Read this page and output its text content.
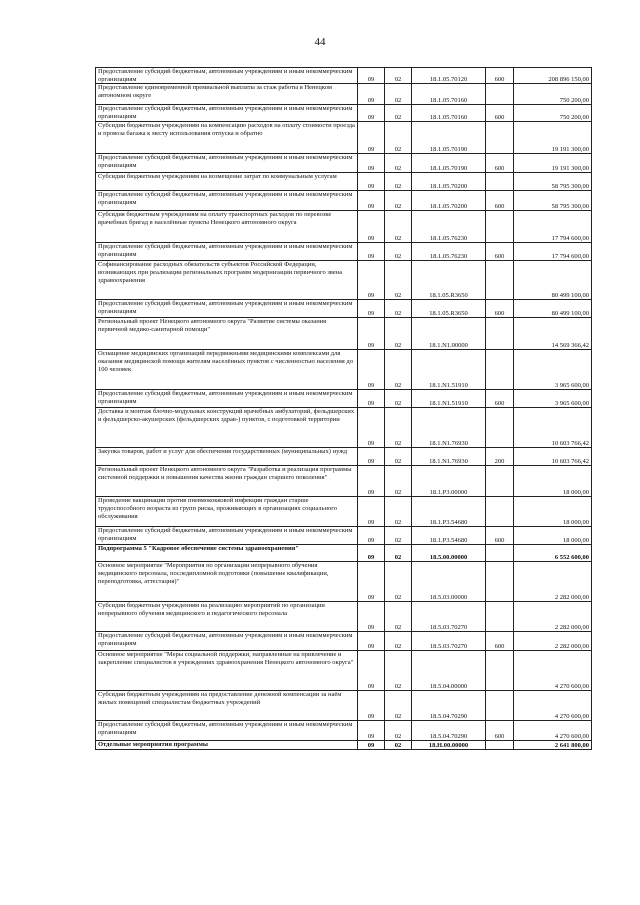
44
Предоставление субсидий бюджетным, автономным учреждениям и иным некоммерческим организациям	09	02	18.1.05.70120	600	208 896 150,00
Предоставление единовременной премиальной выплаты за стаж работы в Ненецком автономном округе	09	02	18.1.05.70160		750 200,00
Предоставление субсидий бюджетным, автономным учреждениям и иным некоммерческим организациям	09	02	18.1.05.70160	600	750 200,00
Субсидии бюджетным учреждениям на компенсацию расходов на оплату стоимости проезда и провоза багажа к месту использования отпуска и обратно	09	02	18.1.05.70190		19 191 300,00
Предоставление субсидий бюджетным, автономным учреждениям и иным некоммерческим организациям	09	02	18.1.05.70190	600	19 191 300,00
Субсидии бюджетным учреждениям на возмещение затрат по коммунальным услугам	09	02	18.1.05.70200		58 795 300,00
Предоставление субсидий бюджетным, автономным учреждениям и иным некоммерческим организациям	09	02	18.1.05.70200	600	58 795 300,00
Субсидия бюджетным учреждениям на оплату транспортных расходов по перевозке врачебных бригад в населённые пункты Ненецкого автономного округа	09	02	18.1.05.76230		17 794 600,00
Предоставление субсидий бюджетным, автономным учреждениям и иным некоммерческим организациям	09	02	18.1.05.76230	600	17 794 600,00
Софинансирование расходных обязательств субъектов Российской Федерации, возникающих при реализации региональных программ модернизации первичного звена здравоохранения	09	02	18.1.05.R3650		80 499 100,00
Предоставление субсидий бюджетным, автономным учреждениям и иным некоммерческим организациям	09	02	18.1.05.R3650	600	80 499 100,00
Региональный проект Ненецкого автономного округа "Развитие системы оказания первичной медико-санитарной помощи"	09	02	18.1.N1.00000		14 569 366,42
Оснащение медицинских организаций передвижными медицинскими комплексами для оказания медицинской помощи жителям населённых пунктов с численностью населения до 100 человек	09	02	18.1.N1.51910		3 965 600,00
Предоставление субсидий бюджетным, автономным учреждениям и иным некоммерческим организациям	09	02	18.1.N1.51910	600	3 965 600,00
Доставка и монтаж блочно-модульных конструкций врачебных амбулаторий, фельдшерских и фельдшерско-акушерских (фельдшерских здрав-) пунктов, с подготовкой территории	09	02	18.1.N1.76930		10 603 766,42
Закупка товаров, работ и услуг для обеспечения государственных (муниципальных) нужд	09	02	18.1.N1.76930	200	10 603 766,42
Региональный проект Ненецкого автономного округа "Разработка и реализация программы системной поддержки и повышения качества жизни граждан старшего поколения"	09	02	18.1.P3.00000		18 000,00
Проведение вакцинации против пневмококковой инфекции граждан старше трудоспособного возраста из групп риска, проживающих в организациях социального обслуживания	09	02	18.1.P3.54680		18 000,00
Предоставление субсидий бюджетным, автономным учреждениям и иным некоммерческим организациям	09	02	18.1.P3.54680	600	18 000,00
Подпрограмма 5 "Кадровое обеспечение системы здравоохранения"	09	02	18.5.00.00000		6 552 600,00
Основное мероприятие "Мероприятия по организации непрерывного обучения медицинского персонала, последипломной подготовки (повышение квалификации, переподготовка, аттестация)"	09	02	18.5.03.00000		2 282 000,00
Субсидии бюджетным учреждениям на реализацию мероприятий по организации непрерывного обучения медицинского и педагогического персонала	09	02	18.5.03.70270		2 282 000,00
Предоставление субсидий бюджетным, автономным учреждениям и иным некоммерческим организациям	09	02	18.5.03.70270	600	2 282 000,00
Основное мероприятие "Меры социальной поддержки, направленные на привлечение и закрепление специалистов в учреждениях здравоохранения Ненецкого автономного округа"	09	02	18.5.04.00000		4 270 600,00
Субсидии бюджетным учреждениям на предоставление денежной компенсации за наём жилых помещений специалистам бюджетных учреждений	09	02	18.5.04.70290		4 270 600,00
Предоставление субсидий бюджетным, автономным учреждениям и иным некоммерческим организациям	09	02	18.5.04.70290	600	4 270 600,00
Отдельные мероприятия программы	09	02	18.H.00.00000		2 641 800,00
